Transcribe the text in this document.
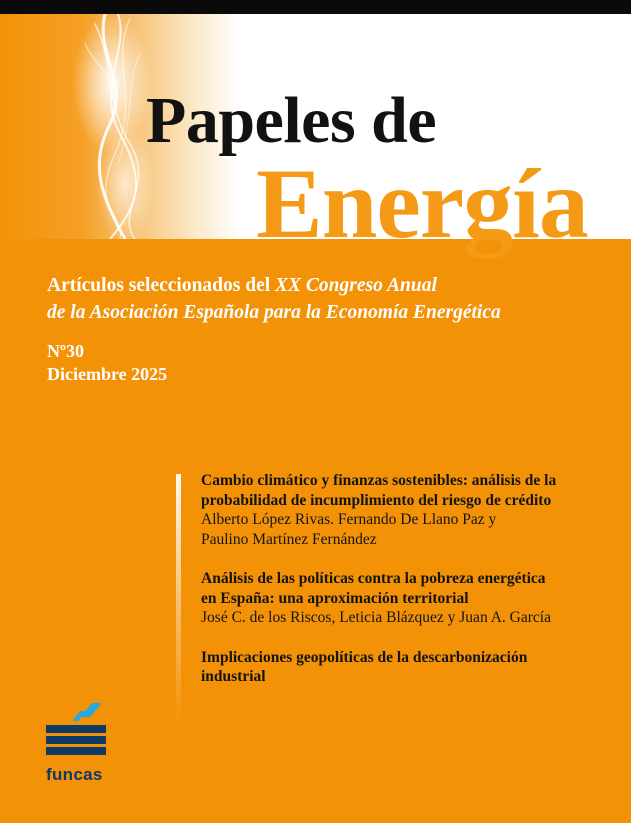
Papeles de
Energía
Artículos seleccionados del XX Congreso Anual
de la Asociación Española para la Economía Energética
Nº30
Diciembre 2025
Cambio climático y finanzas sostenibles: análisis de la
probabilidad de incumplimiento del riesgo de crédito
Alberto López Rivas. Fernando De Llano Paz y
Paulino Martínez Fernández
Análisis de las políticas contra la pobreza energética
en España: una aproximación territorial
José C. de los Riscos, Leticia Blázquez y Juan A. García
Implicaciones geopolíticas de la descarbonización
industrial
funcas
